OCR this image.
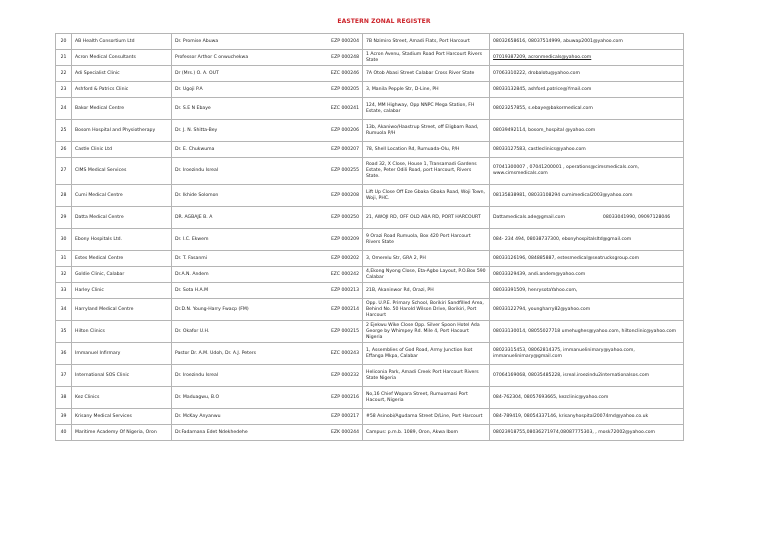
EASTERN ZONAL REGISTER
20	AB Health Consortium Ltd	Dr. Promise Abuwa	EZP 000204	7B Nzimiro Street, Amadi Flats, Port Harcourt	08032658616, 08037514999, abuwap2001@yahoo.com
21	Acron Medical Consultants	Professor Arthor C onwuchekwa	EZP 000248	1 Acron Avenu, Stadium Road Port Harcourt Rivers State	07019387209, acronmedicals@yahoo.com
22	Adi Specialist Clinic	Dr (Mrs.) O. A. OUT	EZC 000246	7A Otob Abasi Street Calabar Cross River State	07063310222, drobalotu@yahoo.com
23	Ashford & Patrics Clinic	Dr. Ugoji P.A	EZP 000205	3, Manila Pepple Str, D-Line, PH	08033132845, ashford.patrice@Ymail.com
24	Bakor Medical Centre	Dr. S.E N Ebaye	EZC 000241	124, MM Highway, Opp NNPC Mega Station, FH Estate, calabar	08023257855, s.ebaye@bakormedical.com
25	Bosom Hospital and Physiotherapy	Dr. J. N. Shitta-Bey	EZP 000206	13b, Akaniwo/Haastrup Street, off Eligbam Road, Rumuola P/H	08039492114, bosom_hospital @yahoo.com
26	Castle Clinic Ltd	Dr. E. Chukwuma	EZP 000207	78, Shell Location Rd, Rumuada-Olu, P/H	08033127583, castleclinics@yahoo.com
27	CIMS Medical Services	Dr. Iroezindu Isreal	EZP 000255	Road 32, X Close, House 1, Transamadi Gardens Estate, Peter Odili Road, port Harcourt, Rivers State.	07041300007 , 07041200001 , operations@cimsmedicals.com, www.cimsmedicals.com
28	Cumi Medical Centre	Dr. Ikhide Solomon	EZP 000208	Lift Up Close Off Eze Gbaka Gbaka Road, Woji Town, Woji, PHC.	08135838981, 08033108294 cumimedical2003@yahoo.com
29	Datta Medical Centre	DR. AGBAJE B. A	EZP 000250	21, AWOJI RD, OFF OLD ABA RD, PORT HARCOURT	Dattamedicals.ade@gmail.com 08033041990, 09097128046
30	Ebony Hospitals Ltd.	Dr. I.C. Ekwem	EZP 000209	9 Orazi Road Rumuola, Box 420 Port Harcourt Rivers State	084- 234 494, 08038737300, ebonyhospitalsltd@gmail.com
31	Estes Medical Centre	Dr. T. Fasanmi	EZP 000202	3, Omerelu Str, GRA 2, PH	08033126196, 084885887, estesmedical@seatrucksgroup.com
32	Goldie Clinic, Calabar	Dr.A.N. Andem	EZC 000242	4,Ekong Nyong Close, Eta-Agbo Layout, P.O.Box 590 Calabar	08033329439, andi.andem@yahoo.com
33	Harley Clinic	Dr. Sota H.A.M	EZP 000213	21B, Akaninwor Rd, Orazi, PH	08033391509, henrysotaYahoo.com,
34	Harryland Medical Centre	Dr.D.N. Young-Harry Fwacp (FM)	EZP 000214	Opp. U.P.E. Primary School, Borikiri Sandfilled Area, Behind No. 50 Harold Wilson Drive, Borikiri, Port Harcourt	08033122794, youngharry82@yahoo.com
35	Hilton Clinics	Dr. Okafor U.H.	EZP 000215	2 Ejekwu Wike Close Opp. Silver Spoon Hotel Ada George by Whimpey Rd. Mile 4, Port Hacourt Nigeria	08033130014, 08055027718 umehughes@yahoo.com, hiltonclinic@yahoo.com
36	Immanuel Infirmary	Pastor Dr. A.M. Udoh, Dr. A.J. Peters	EZC 000243	1, Assemblies of God Road, Army Junction Ikot Effanga Mkpa, Calabar	08023315453, 08062814375, immanuelinimary@yahoo.com, immanuelinimary@gmail.com
37	International SOS Clinic	Dr. Iroezindu Isreal	EZP 000232	Heliconia Park, Amadi Creek Port Harcourt Rivers State Nigeria	07064169068, 08035485228, isreal.iroezindu2internationalsos.com
38	Kez Clinics	Dr. Maduagwu, B.O	EZP 000216	No,16 Chief Wopara Street, Rumuomasi Port Hacourt, Nigeria	084-762304, 08057693665, kezclinic@yahoo.com
39	Krisany Medical Services	Dr. McKay Anyanwu	EZP 000217	#58 Asinobi/Agudama Street D/Line, Port Harcourt	084-789419, 08054337146, krisanyhospital20074md@yahoo.co.uk
40	Maritime Academy Of Nigeria, Oron	Dr.Fadamana Edet Ndekhedehe	EZK 000244	Campus: p.m.b. 1089, Oron, Akwa Ibom	08023918755,08036271974,08087775303, , mosk72002@yahoo.com
